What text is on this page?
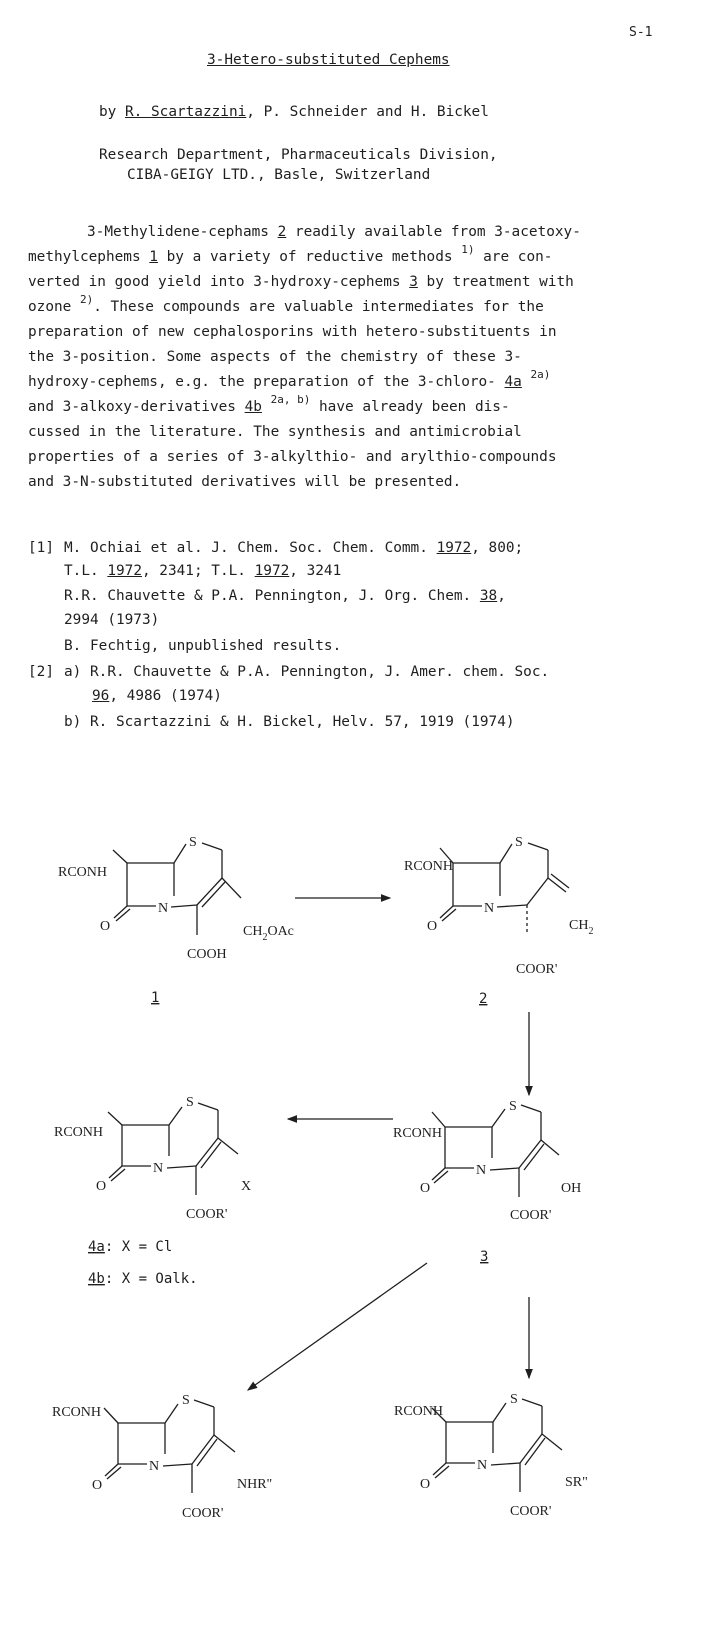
S-1
3-Hetero-substituted Cephems
by R. Scartazzini, P. Schneider and H. Bickel
Research Department, Pharmaceuticals Division,
CIBA-GEIGY LTD., Basle, Switzerland
3-Methylidene-cephams 2 readily available from 3-acetoxy-
methylcephems 1 by a variety of reductive methods $^{1)}$ are con-
verted in good yield into 3-hydroxy-cephems 3 by treatment with
ozone $^{2)}$. These compounds are valuable intermediates for the
preparation of new cephalosporins with hetero-substituents in
the 3-position. Some aspects of the chemistry of these 3-
hydroxy-cephems, e.g. the preparation of the 3-chloro- 4a $^{2a)}$
and 3-alkoxy-derivatives 4b $^{2a, b)}$ have already been dis-
cussed in the literature. The synthesis and antimicrobial
properties of a series of 3-alkylthio- and arylthio-compounds
and 3-N-substituted derivatives will be presented.
[1] M. Ochiai et al. J. Chem. Soc. Chem. Comm. 1972, 800;
T.L. 1972, 2341; T.L. 1972, 3241
R.R. Chauvette & P.A. Pennington, J. Org. Chem. 38,
2994 (1973)
B. Fechtig, unpublished results.
[2] a) R.R. Chauvette & P.A. Pennington, J. Amer. chem. Soc.
96, 4986 (1974)
b) R. Scartazzini & H. Bickel, Helv. 57, 1919 (1974)
RCONH
S
N
O	$CH_2OAc$
COOH
1
RCONH
S
N
O	$CH_2$
COOR'
2
RCONH
S
N
O	OH
COOR'
3
RCONH
S
N
O	X
COOR'
4a: X = Cl
4b: X = Oalk.
RCONH
S
N
O	NHR"
COOR'
RCONH
S
N
O	SR"
COOR'
